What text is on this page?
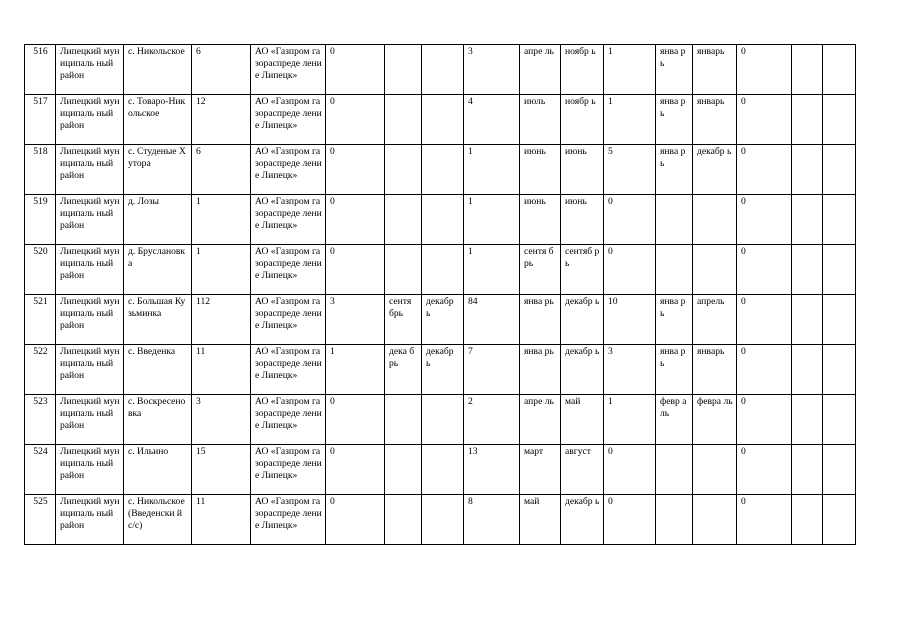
516	Липецкий муниципаль ный район	с. Никольское	6	АО «Газпром газораспреде ление Липецк»	0			3	апре ль	ноябр ь	1	янва рь	январь	0		
517	Липецкий муниципаль ный район	с. Товаро-Никольское	12	АО «Газпром газораспреде ление Липецк»	0			4	июль	ноябр ь	1	янва рь	январь	0		
518	Липецкий муниципаль ный район	с. Студеные Хутора	6	АО «Газпром газораспреде ление Липецк»	0			1	июнь	июнь	5	янва рь	декабр ь	0		
519	Липецкий муниципаль ный район	д. Лозы	1	АО «Газпром газораспреде ление Липецк»	0			1	июнь	июнь	0			0		
520	Липецкий муниципаль ный район	д. Бруслановк а	1	АО «Газпром газораспреде ление Липецк»	0			1	сентя брь	сентяб рь	0			0		
521	Липецкий муниципаль ный район	с. Большая Кузьминка	112	АО «Газпром газораспреде ление Липецк»	3	сентя брь	декабр ь	84	янва рь	декабр ь	10	янва рь	апрель	0		
522	Липецкий муниципаль ный район	с. Введенка	11	АО «Газпром газораспреде ление Липецк»	1	дека брь	декабр ь	7	янва рь	декабр ь	3	янва рь	январь	0		
523	Липецкий муниципаль ный район	с. Воскресено вка	3	АО «Газпром газораспреде ление Липецк»	0			2	апре ль	май	1	февр аль	февра ль	0		
524	Липецкий муниципаль ный район	с. Ильино	15	АО «Газпром газораспреде ление Липецк»	0			13	март	август	0			0		
525	Липецкий муниципаль ный район	с. Никольское (Введенски й с/с)	11	АО «Газпром газораспреде ление Липецк»	0			8	май	декабр ь	0			0		
